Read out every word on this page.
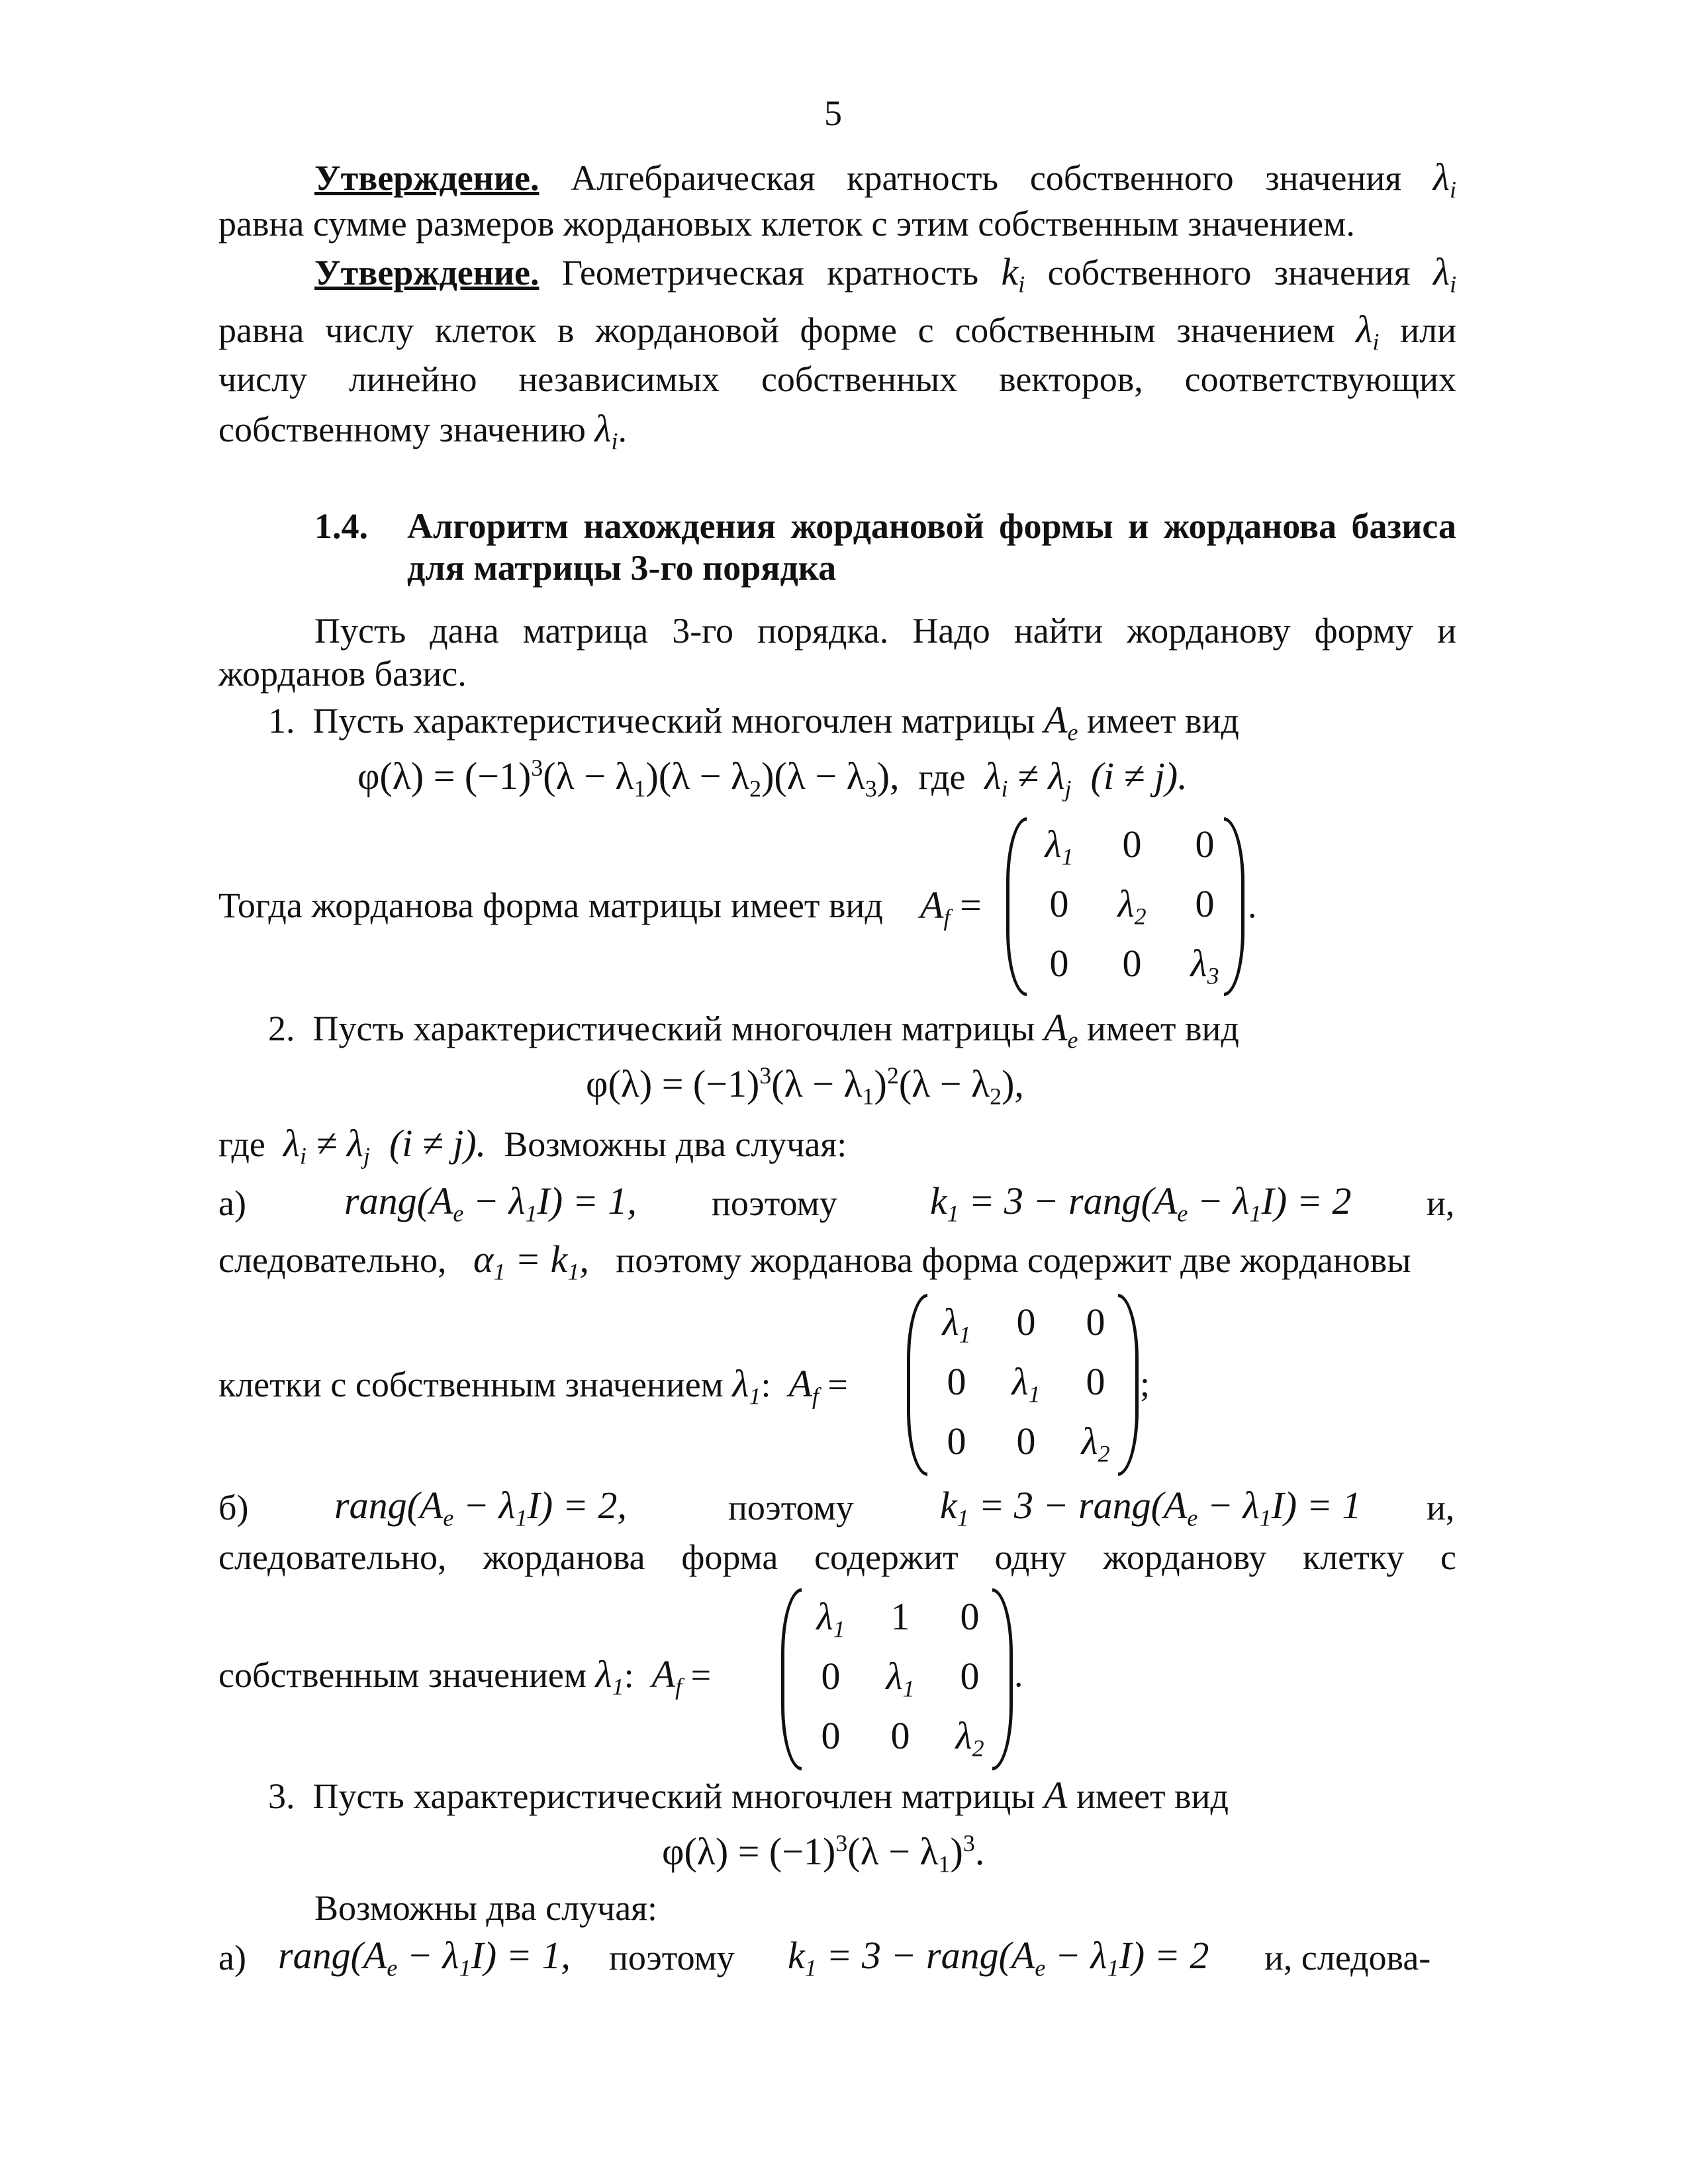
5
Утверждение. Алгебраическая кратность собственного значения $\lambda_i$
равна сумме размеров жордановых клеток с этим собственным значением.
Утверждение. Геометрическая кратность $k_i$ собственного значения $\lambda_i$
равна числу клеток в жордановой форме с собственным значением $\lambda_i$ или
числу линейно независимых собственных векторов, соответствующих
собственному значению $\lambda_i$.
1.4. Алгоритм нахождения жордановой формы и жорданова базиса
для матрицы 3-го порядка
Пусть дана матрица 3-го порядка. Надо найти жорданову форму и
жорданов базис.
1. Пусть характеристический многочлен матрицы $A_e$ имеет вид
$\varphi(\lambda) = (-1)^3(\lambda - \lambda_1)(\lambda - \lambda_2)(\lambda - \lambda_3)$,  где $\lambda_i \ne \lambda_j$  (i ≠ j).
Тогда жорданова форма матрицы имеет вид $A_f$ =
$\lambda_1$	0	0
0	$\lambda_2$	0
0	0	$\lambda_3$
.
2. Пусть характеристический многочлен матрицы $A_e$ имеет вид
$\varphi(\lambda) = (-1)^3(\lambda - \lambda_1)^2(\lambda - \lambda_2)$,
где $\lambda_i \ne \lambda_j$  (i ≠ j). Возможны два случая:
а)	$rang(A_e - \lambda_1I) = 1$, поэтому $k_1 = 3$ − $rang(A_e - \lambda_1I) = 2$ и,
следовательно, $\alpha_1 = k_1$, поэтому жорданова форма содержит две жордановы
клетки с собственным значением $\lambda_1$:  $A_f$ =
$\lambda_1$	0	0
0	$\lambda_1$	0
0	0	$\lambda_2$
;
б) $rang(A_e - \lambda_1I) = 2$,	поэтому $k_1 = 3$ − $rang(A_e - \lambda_1I) = 1$ и,
следовательно, жорданова форма содержит одну жорданову клетку с
собственным значением $\lambda_1$:  $A_f$ =
$\lambda_1$	1	0
0	$\lambda_1$	0
0	0	$\lambda_2$
.
3. Пусть характеристический многочлен матрицы A имеет вид
$\varphi(\lambda) = (-1)^3(\lambda - \lambda_1)^3$.
Возможны два случая:
а) $rang(A_e - \lambda_1I) = 1$, поэтому $k_1 = 3$ − $rang(A_e - \lambda_1I) = 2$ и, следова-
